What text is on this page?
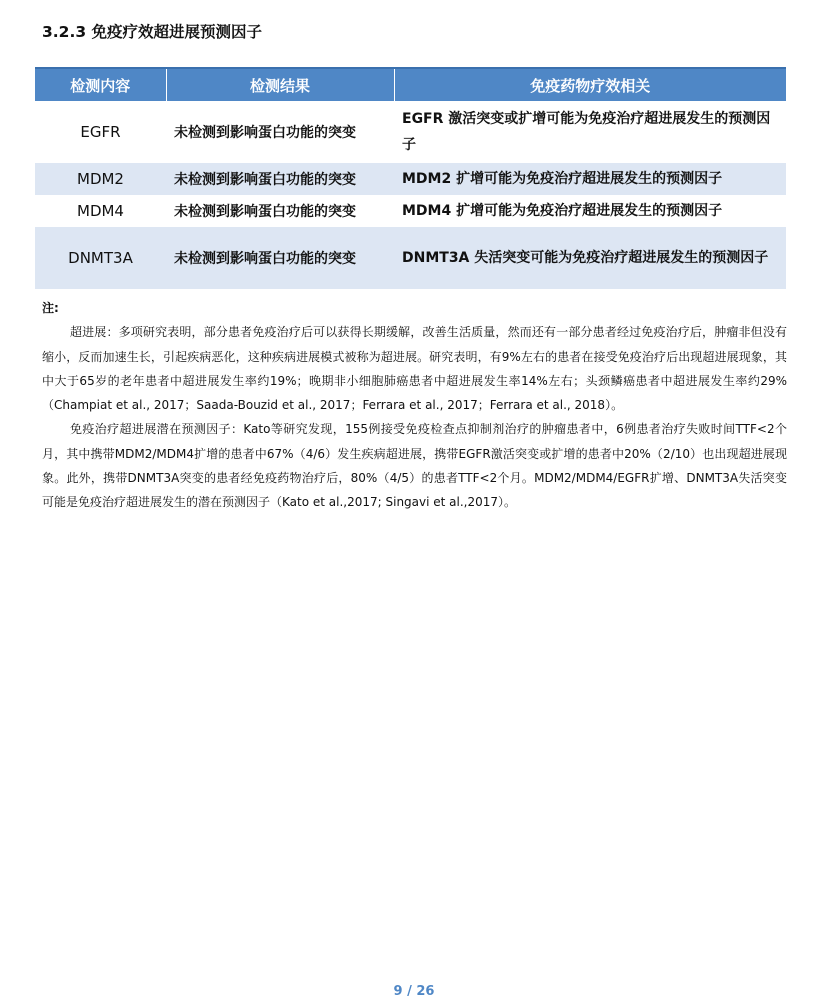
3.2.3 免疫疗效超进展预测因子
检测内容	检测结果	免疫药物疗效相关
EGFR	未检测到影响蛋白功能的突变	EGFR 激活突变或扩增可能为免疫治疗超进展发生的预测因子
MDM2	未检测到影响蛋白功能的突变	MDM2 扩增可能为免疫治疗超进展发生的预测因子
MDM4	未检测到影响蛋白功能的突变	MDM4 扩增可能为免疫治疗超进展发生的预测因子
DNMT3A	未检测到影响蛋白功能的突变	DNMT3A 失活突变可能为免疫治疗超进展发生的预测因子
注:

超进展：多项研究表明，部分患者免疫治疗后可以获得长期缓解，改善生活质量，然而还有一部分患者经过免疫治疗后，肿瘤非但没有缩小，反而加速生长，引起疾病恶化，这种疾病进展模式被称为超进展。研究表明，有9%左右的患者在接受免疫治疗后出现超进展现象，其中大于65岁的老年患者中超进展发生率约19%；晚期非小细胞肺癌患者中超进展发生率14%左右；头颈鳞癌患者中超进展发生率约29%（Champiat et al., 2017；Saada-Bouzid et al., 2017；Ferrara et al., 2017；Ferrara et al., 2018）。

免疫治疗超进展潜在预测因子：Kato等研究发现，155例接受免疫检查点抑制剂治疗的肿瘤患者中，6例患者治疗失败时间TTF<2个月，其中携带MDM2/MDM4扩增的患者中67%（4/6）发生疾病超进展，携带EGFR激活突变或扩增的患者中20%（2/10）也出现超进展现象。此外，携带DNMT3A突变的患者经免疫药物治疗后，80%（4/5）的患者TTF<2个月。MDM2/MDM4/EGFR扩增、DNMT3A失活突变可能是免疫治疗超进展发生的潜在预测因子（Kato et al.,2017; Singavi et al.,2017）。

9 / 26
